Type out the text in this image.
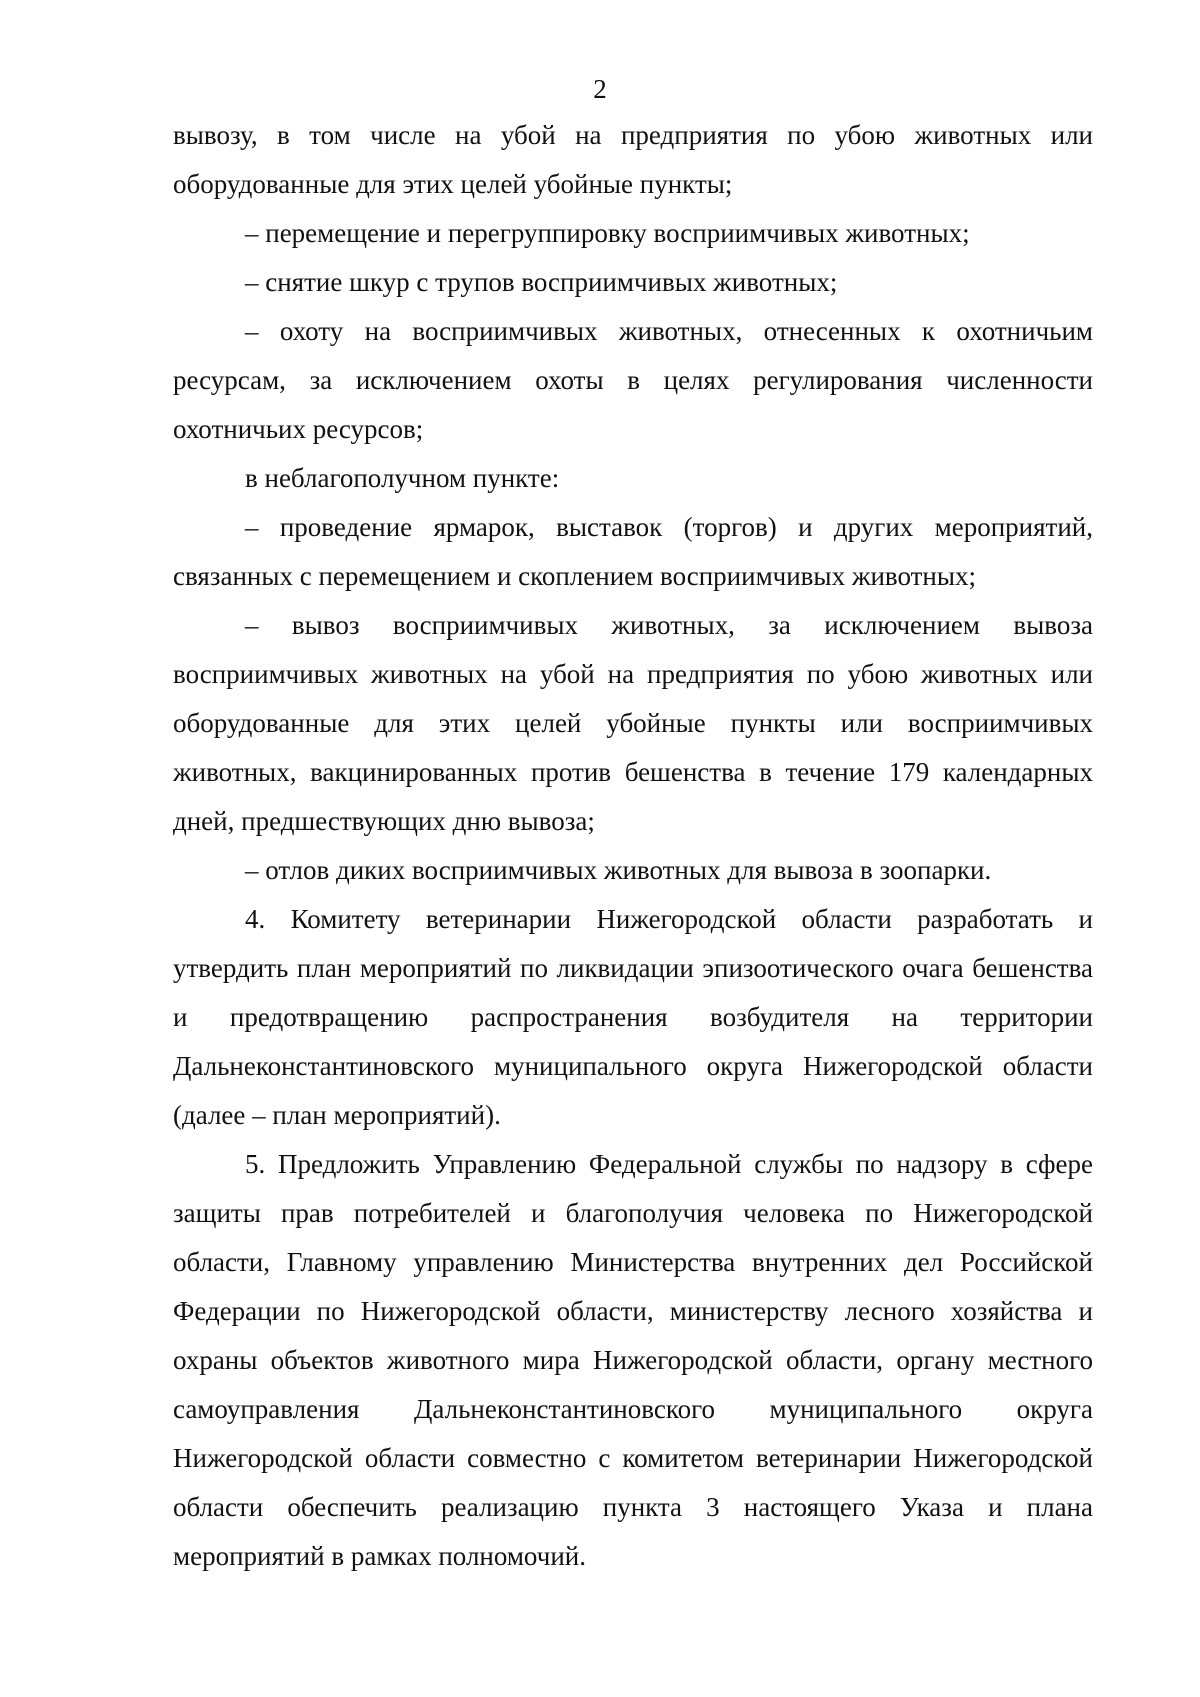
2

вывозу, в том числе на убой на предприятия по убою животных или оборудованные для этих целей убойные пункты;

– перемещение и перегруппировку восприимчивых животных;

– снятие шкур с трупов восприимчивых животных;

– охоту на восприимчивых животных, отнесенных к охотничьим ресурсам, за исключением охоты в целях регулирования численности охотничьих ресурсов;

в неблагополучном пункте:

– проведение ярмарок, выставок (торгов) и других мероприятий, связанных с перемещением и скоплением восприимчивых животных;

– вывоз восприимчивых животных, за исключением вывоза восприимчивых животных на убой на предприятия по убою животных или оборудованные для этих целей убойные пункты или восприимчивых животных, вакцинированных против бешенства в течение 179 календарных дней, предшествующих дню вывоза;

– отлов диких восприимчивых животных для вывоза в зоопарки.

4. Комитету ветеринарии Нижегородской области разработать и утвердить план мероприятий по ликвидации эпизоотического очага бешенства и предотвращению распространения возбудителя на территории Дальнеконстантиновского муниципального округа Нижегородской области (далее – план мероприятий).

5. Предложить Управлению Федеральной службы по надзору в сфере защиты прав потребителей и благополучия человека по Нижегородской области, Главному управлению Министерства внутренних дел Российской Федерации по Нижегородской области, министерству лесного хозяйства и охраны объектов животного мира Нижегородской области, органу местного самоуправления Дальнеконстантиновского муниципального округа Нижегородской области совместно с комитетом ветеринарии Нижегородской области обеспечить реализацию пункта 3 настоящего Указа и плана мероприятий в рамках полномочий.
